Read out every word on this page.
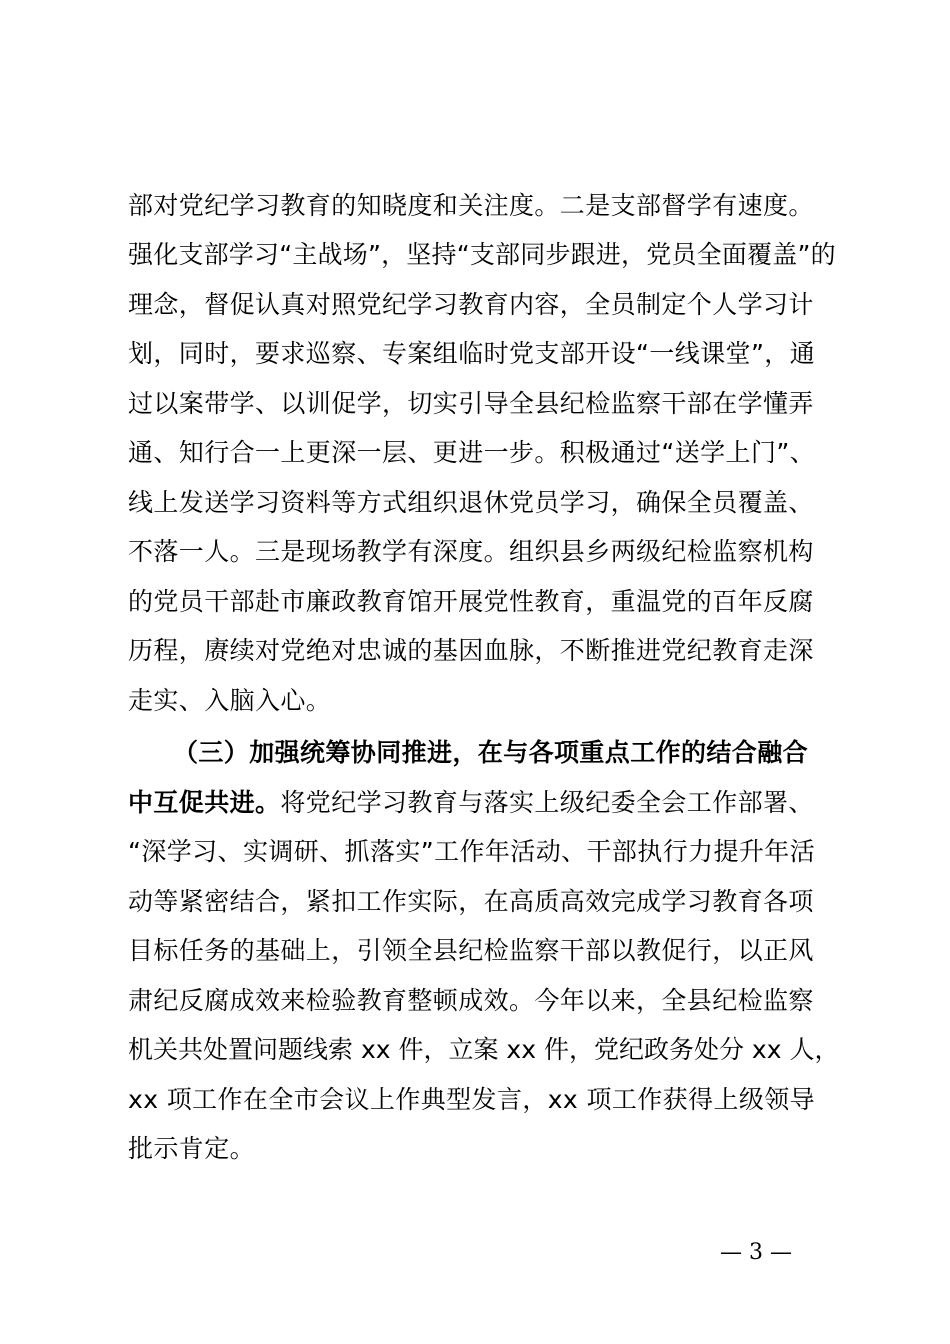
部对党纪学习教育的知晓度和关注度。二是支部督学有速度。
强化支部学习“主战场”，坚持“支部同步跟进，党员全面覆盖”的
理念，督促认真对照党纪学习教育内容，全员制定个人学习计
划，同时，要求巡察、专案组临时党支部开设“一线课堂”，通
过以案带学、以训促学，切实引导全县纪检监察干部在学懂弄
通、知行合一上更深一层、更进一步。积极通过“送学上门”、
线上发送学习资料等方式组织退休党员学习，确保全员覆盖、
不落一人。三是现场教学有深度。组织县乡两级纪检监察机构
的党员干部赴市廉政教育馆开展党性教育，重温党的百年反腐
历程，赓续对党绝对忠诚的基因血脉，不断推进党纪教育走深
走实、入脑入心。
（三）加强统筹协同推进，在与各项重点工作的结合融合
中互促共进。将党纪学习教育与落实上级纪委全会工作部署、
“深学习、实调研、抓落实”工作年活动、干部执行力提升年活
动等紧密结合，紧扣工作实际，在高质高效完成学习教育各项
目标任务的基础上，引领全县纪检监察干部以教促行，以正风
肃纪反腐成效来检验教育整顿成效。今年以来，全县纪检监察
机关共处置问题线索 xx 件，立案 xx 件，党纪政务处分 xx 人，
xx 项工作在全市会议上作典型发言，xx 项工作获得上级领导
批示肯定。
— 3 —
